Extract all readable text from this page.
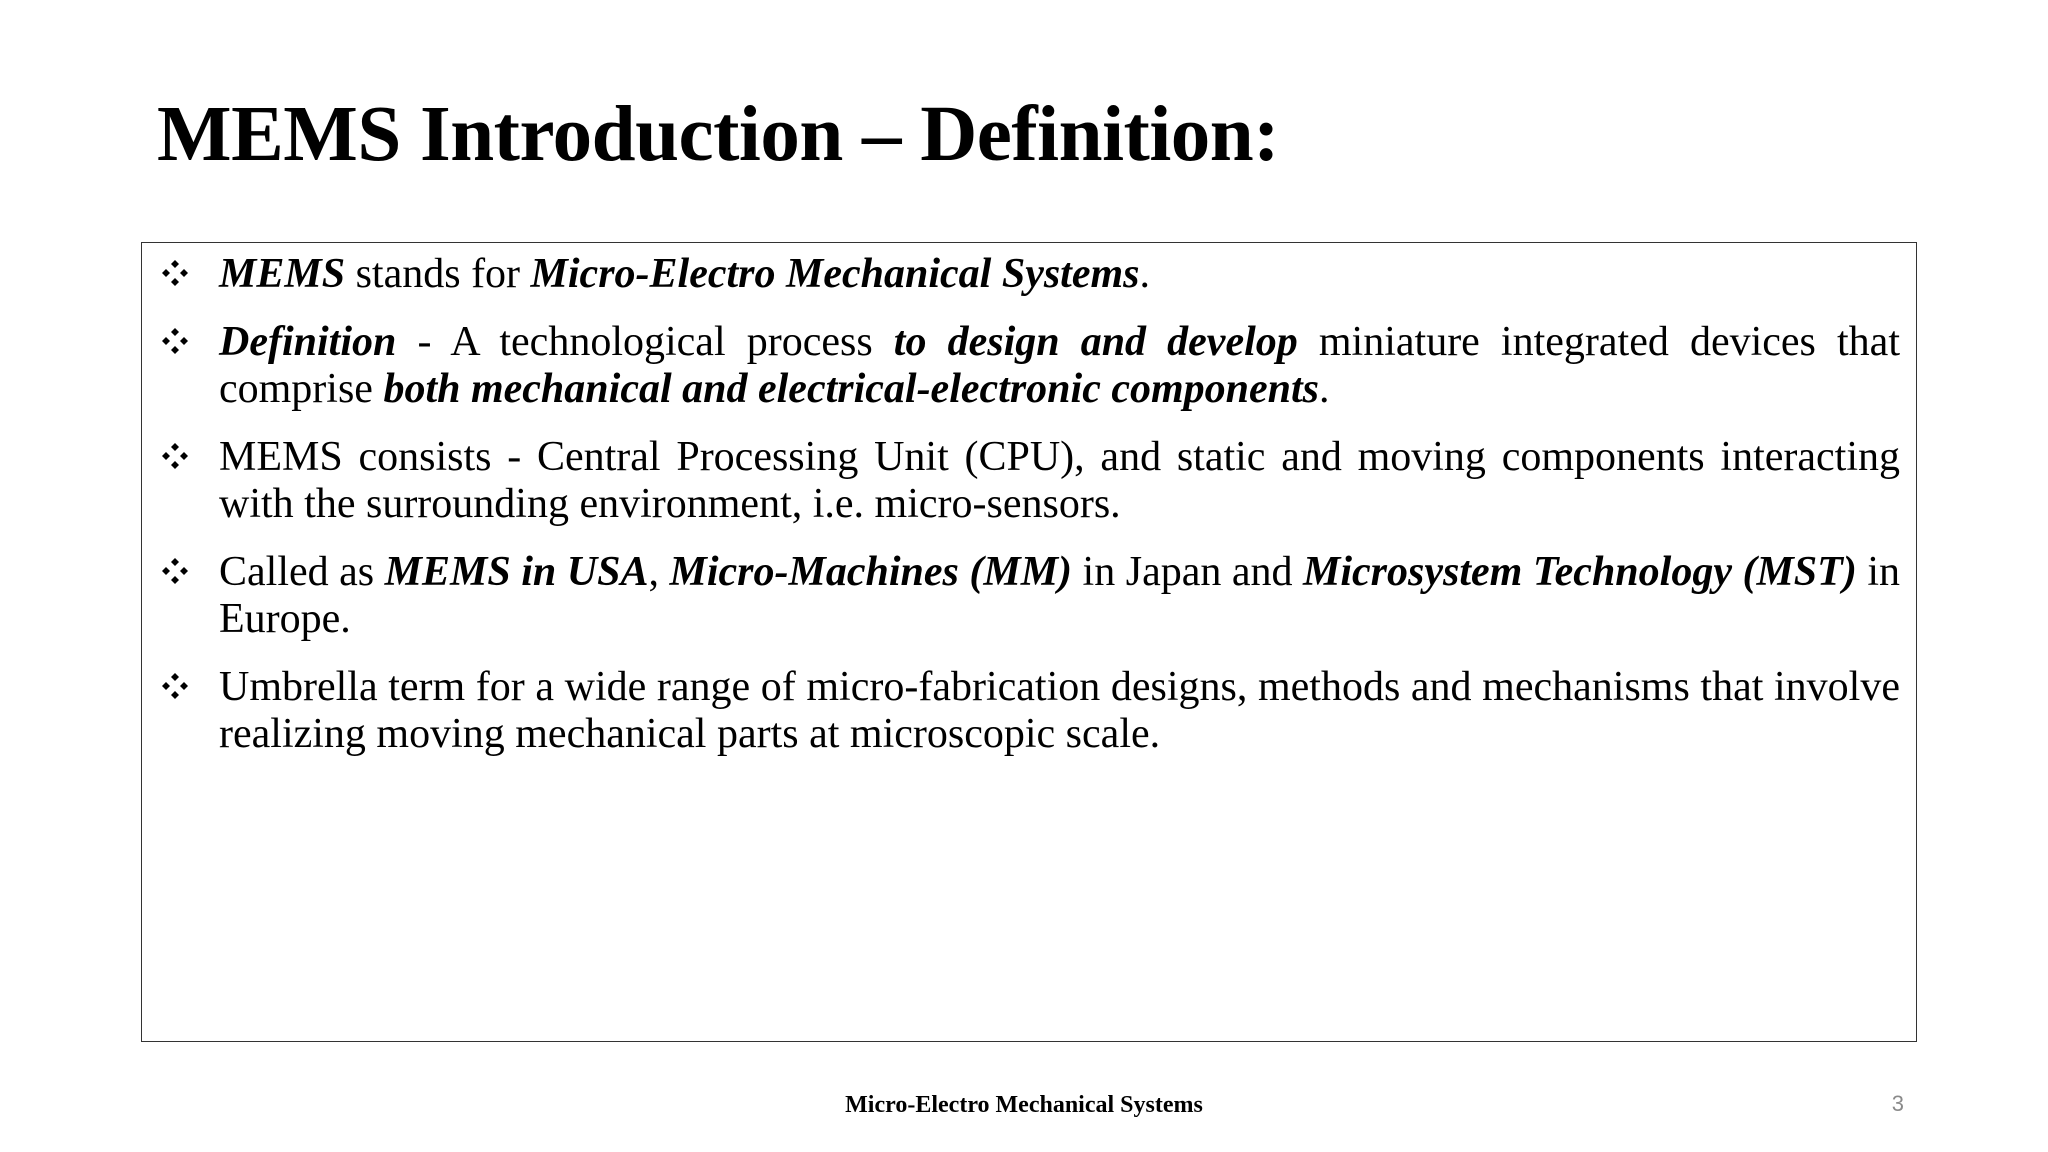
MEMS Introduction – Definition:
MEMS stands for Micro-Electro Mechanical Systems.
Definition - A technological process to design and develop miniature integrated devices that comprise both mechanical and electrical-electronic components.
MEMS consists - Central Processing Unit (CPU), and static and moving components interacting with the surrounding environment, i.e. micro-sensors.
Called as MEMS in USA, Micro-Machines (MM) in Japan and Microsystem Technology (MST) in Europe.
Umbrella term for a wide range of micro-fabrication designs, methods and mechanisms that involve realizing moving mechanical parts at microscopic scale.
Micro-Electro Mechanical Systems	3
